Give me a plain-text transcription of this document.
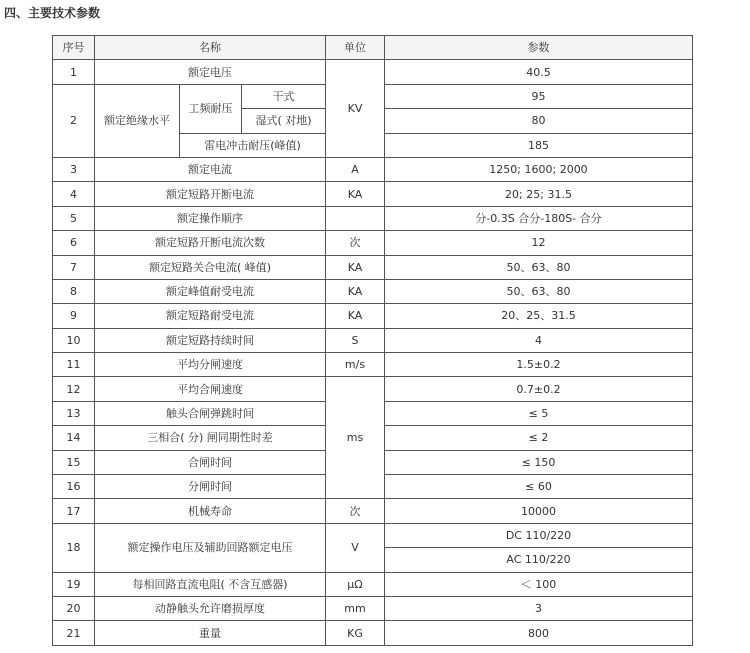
四、主要技术参数
序号	名称			单位	参数
1	额定电压			KV	40.5
2	额定绝缘水平	工频耐压	干式		95
			湿式( 对地)		80
		雷电冲击耐压(峰值)			185
3	额定电流			A	1250; 1600; 2000
4	额定短路开断电流			KA	20; 25; 31.5
5	额定操作顺序				分-0.3S 合分-180S- 合分
6	额定短路开断电流次数			次	12
7	额定短路关合电流( 峰值)			KA	50、63、80
8	额定峰值耐受电流			KA	50、63、80
9	额定短路耐受电流			KA	20、25、31.5
10	额定短路持续时间			S	4
11	平均分闸速度			m/s	1.5±0.2
12	平均合闸速度			ms	0.7±0.2
13	触头合闸弹跳时间				≤ 5
14	三相合( 分) 闸同期性时差				≤ 2
15	合闸时间				≤ 150
16	分闸时间				≤ 60
17	机械寿命			次	10000
18	额定操作电压及辅助回路额定电压			V	DC 110/220
					AC 110/220
19	每相回路直流电阻( 不含互感器)			μΩ	＜ 100
20	动静触头允许磨损厚度			mm	3
21	重量			KG	800
